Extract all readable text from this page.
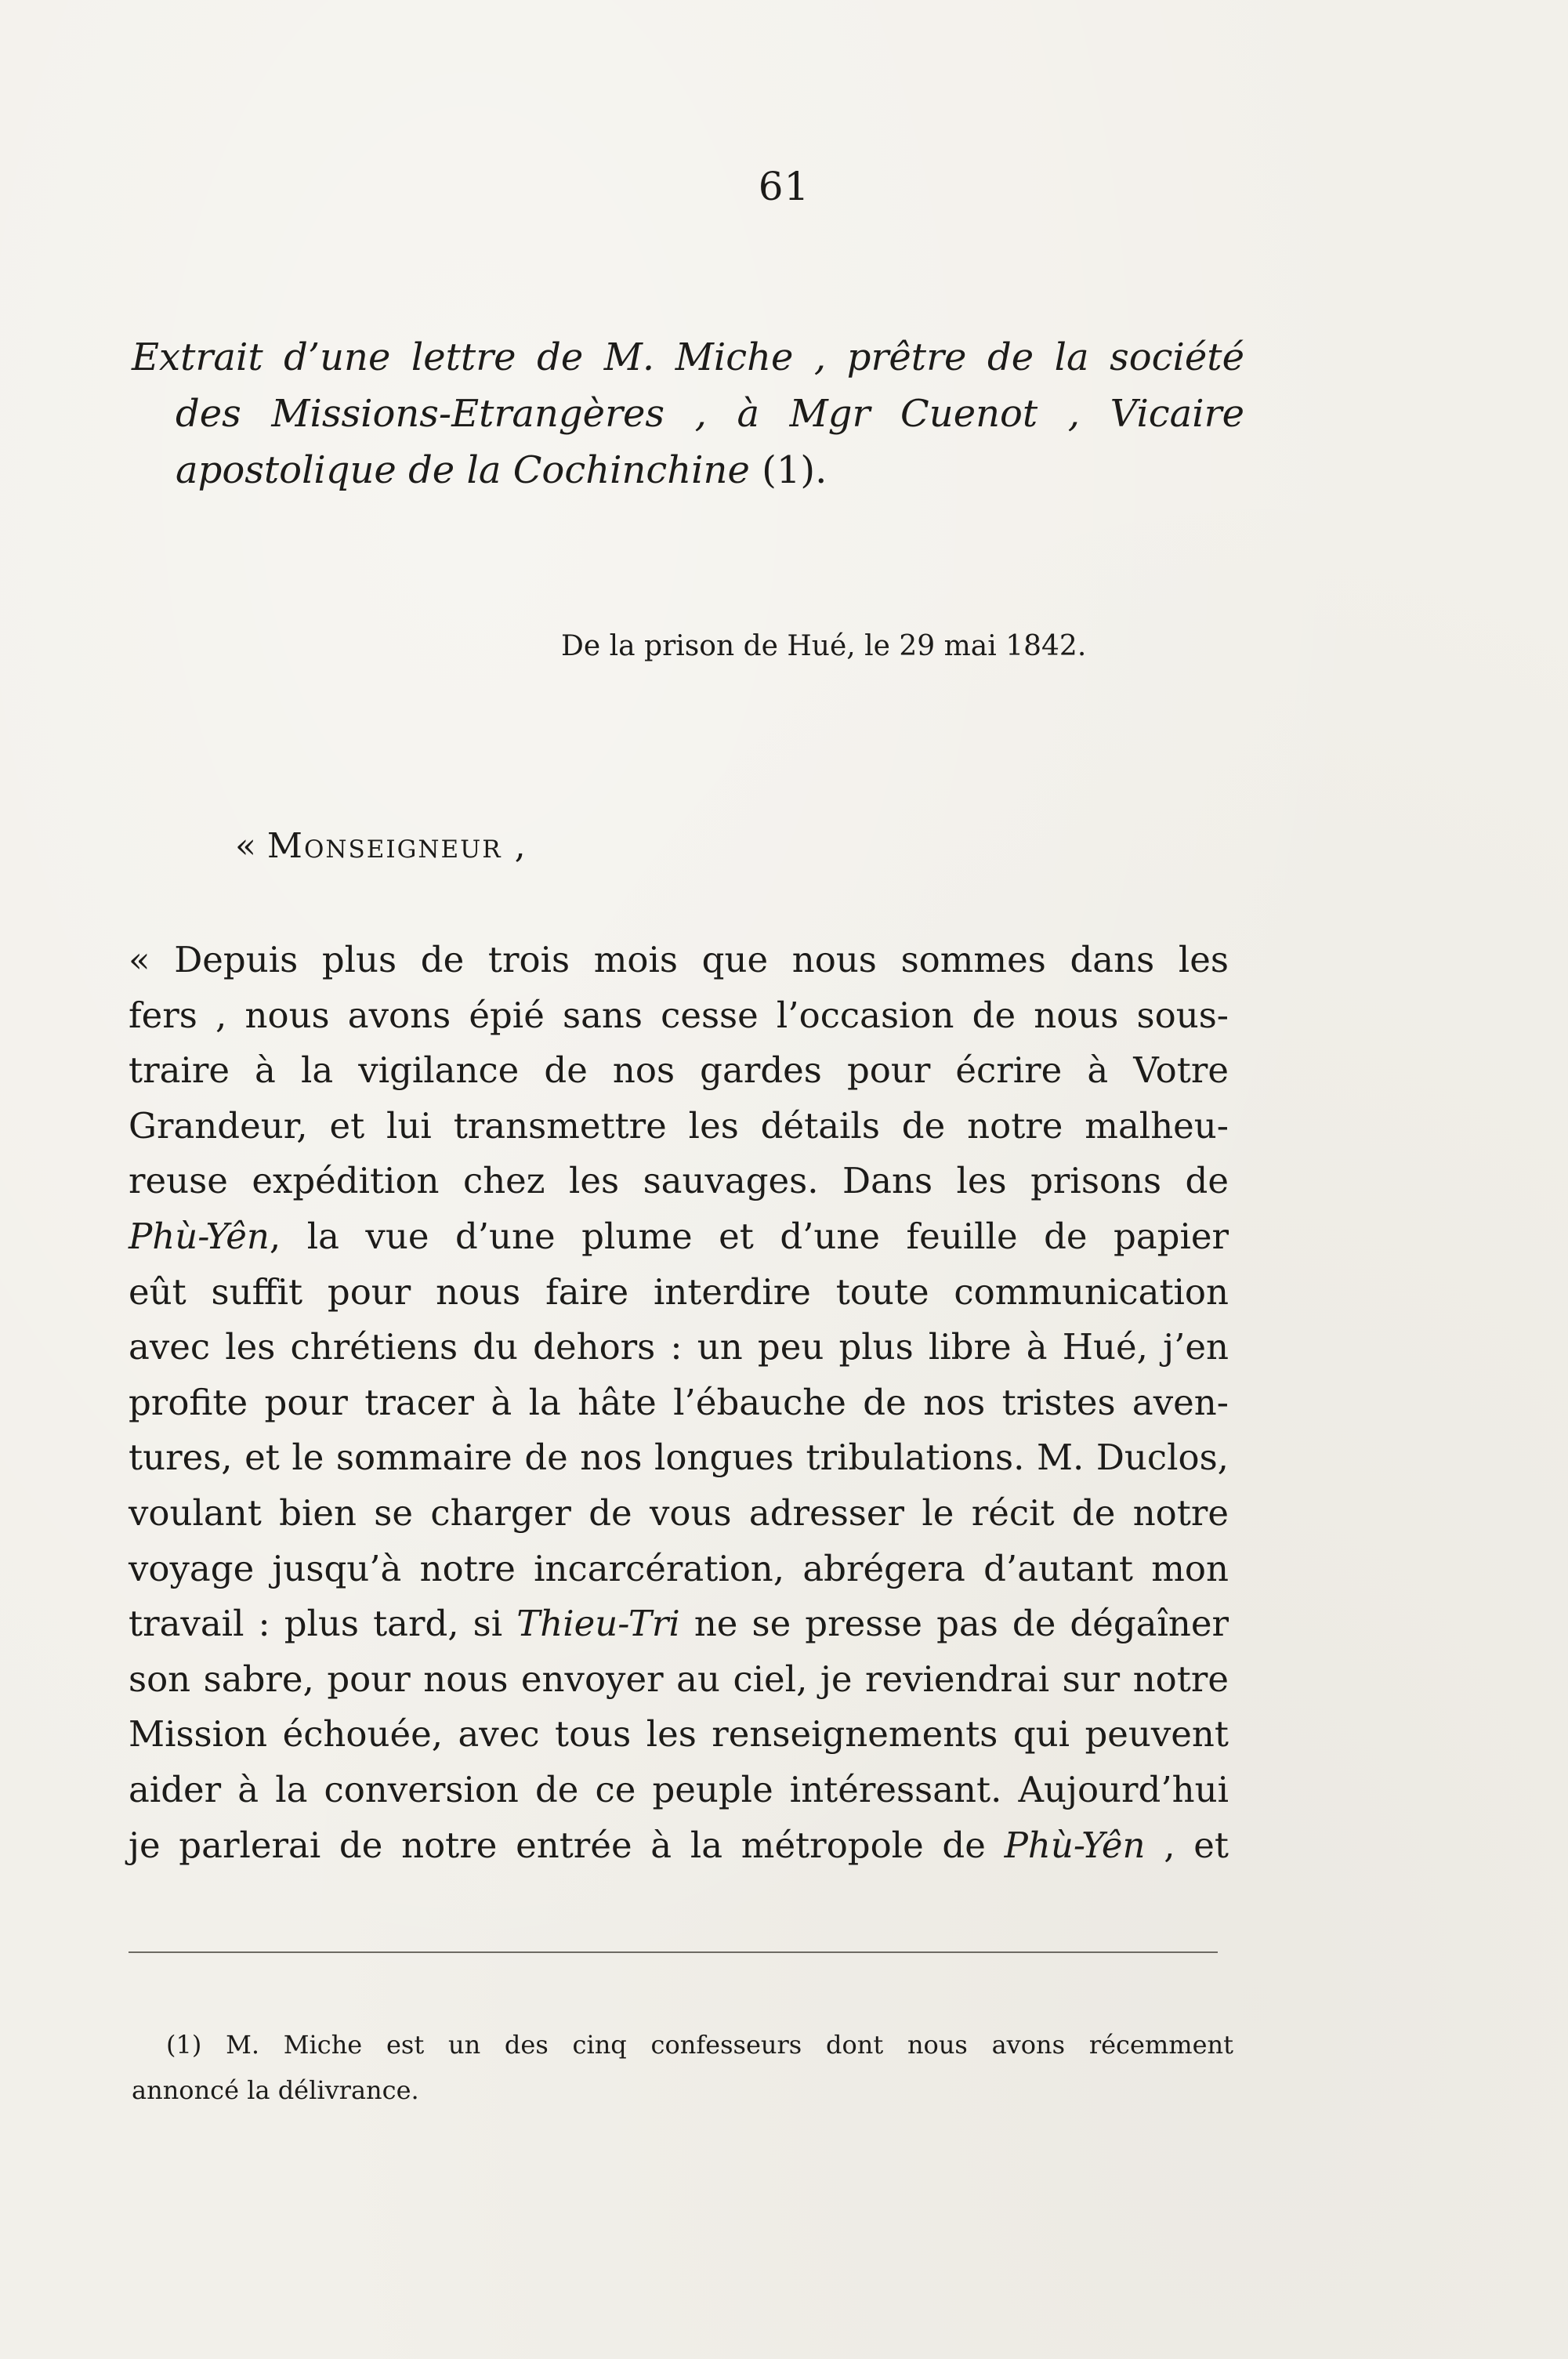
61
Extrait d’une lettre de M. Miche , prêtre de la société
des Missions-Etrangères , à Mgr Cuenot , Vicaire
apostolique de la Cochinchine (1).
De la prison de Hué, le 29 mai 1842.
« Monseigneur ,
« Depuis plus de trois mois que nous sommes dans les
fers , nous avons épié sans cesse l’occasion de nous sous-
traire à la vigilance de nos gardes pour écrire à Votre
Grandeur, et lui transmettre les détails de notre malheu-
reuse expédition chez les sauvages. Dans les prisons de
Phù-Yên, la vue d’une plume et d’une feuille de papier
eût suffit pour nous faire interdire toute communication
avec les chrétiens du dehors : un peu plus libre à Hué, j’en
profite pour tracer à la hâte l’ébauche de nos tristes aven-
tures, et le sommaire de nos longues tribulations. M. Duclos,
voulant bien se charger de vous adresser le récit de notre
voyage jusqu’à notre incarcération, abrégera d’autant mon
travail : plus tard, si Thieu-Tri ne se presse pas de dégaîner
son sabre, pour nous envoyer au ciel, je reviendrai sur notre
Mission échouée, avec tous les renseignements qui peuvent
aider à la conversion de ce peuple intéressant. Aujourd’hui
je parlerai de notre entrée à la métropole de Phù-Yên , et
(1) M. Miche est un des cinq confesseurs dont nous avons récemment
annoncé la délivrance.
